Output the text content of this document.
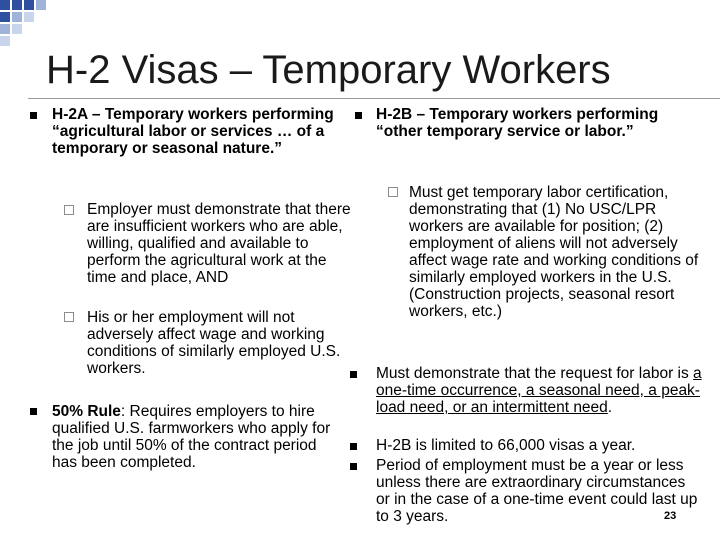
H-2 Visas – Temporary Workers
H-2A – Temporary workers performing “agricultural labor or services … of a temporary or seasonal nature.”
Employer must demonstrate that there are insufficient workers who are able, willing, qualified and available to perform the agricultural work at the time and place, AND
His or her employment will not adversely affect wage and working conditions of similarly employed U.S. workers.
50% Rule: Requires employers to hire qualified U.S. farmworkers who apply for the job until 50% of the contract period has been completed.
H-2B – Temporary workers performing “other temporary service or labor.”
Must get temporary labor certification, demonstrating that (1) No USC/LPR workers are available for position; (2) employment of aliens will not adversely affect wage rate and working conditions of similarly employed workers in the U.S. (Construction projects, seasonal resort workers, etc.)
Must demonstrate that the request for labor is a one-time occurrence, a seasonal need, a peak-load need, or an intermittent need.
H-2B is limited to 66,000 visas a year.
Period of employment must be a year or less unless there are extraordinary circumstances or in the case of a one-time event could last up to 3 years.	23
